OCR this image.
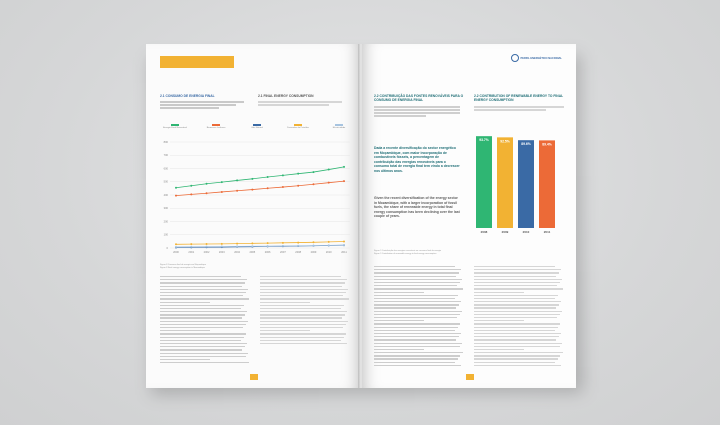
2.1 CONSUMO DE ENERGIA FINAL	2.1 FINAL ENERGY CONSUMPTION
Energia Final Renovável	Biomassa Lenhosa	Gás Natural	Derivados do Petróleo	Electricidade
0
100
200
300
400
500
600
700
800
2000	2001	2002	2003	2004	2005	2006	2007	2008	2009	2010	2011
Figura 8 Consumo final de energia em Moçambique
Figure 8 Final energy consumption in Mozambique
PERFIL ENERGÉTICO NACIONAL
2.2 CONTRIBUIÇÃO DAS FONTES RENOVÁVEIS PARA O CONSUMO DE ENERGIA FINAL
2.2 CONTRIBUTION OF RENEWABLE ENERGY TO FINAL ENERGY CONSUMPTION
Dada a recente diversificação do sector energético em Moçambique, com maior incorporação de combustíveis fósseis, a percentagem de contribuição das energias renováveis para o consumo total de energia final tem vindo a decrescer nos últimos anos.
Given the recent diversification of the energy sector in Mozambique, with a larger incorporation of fossil fuels, the share of renewable energy in total final energy consumption has been declining over the last couple of years.
93.7%
2008
92.5%
2009
89.6%
2010
89.4%
2011
Figura 9 Contribuição das energias renováveis no consumo final de energia
Figure 9 Contribution of renewable energy to final energy consumption
